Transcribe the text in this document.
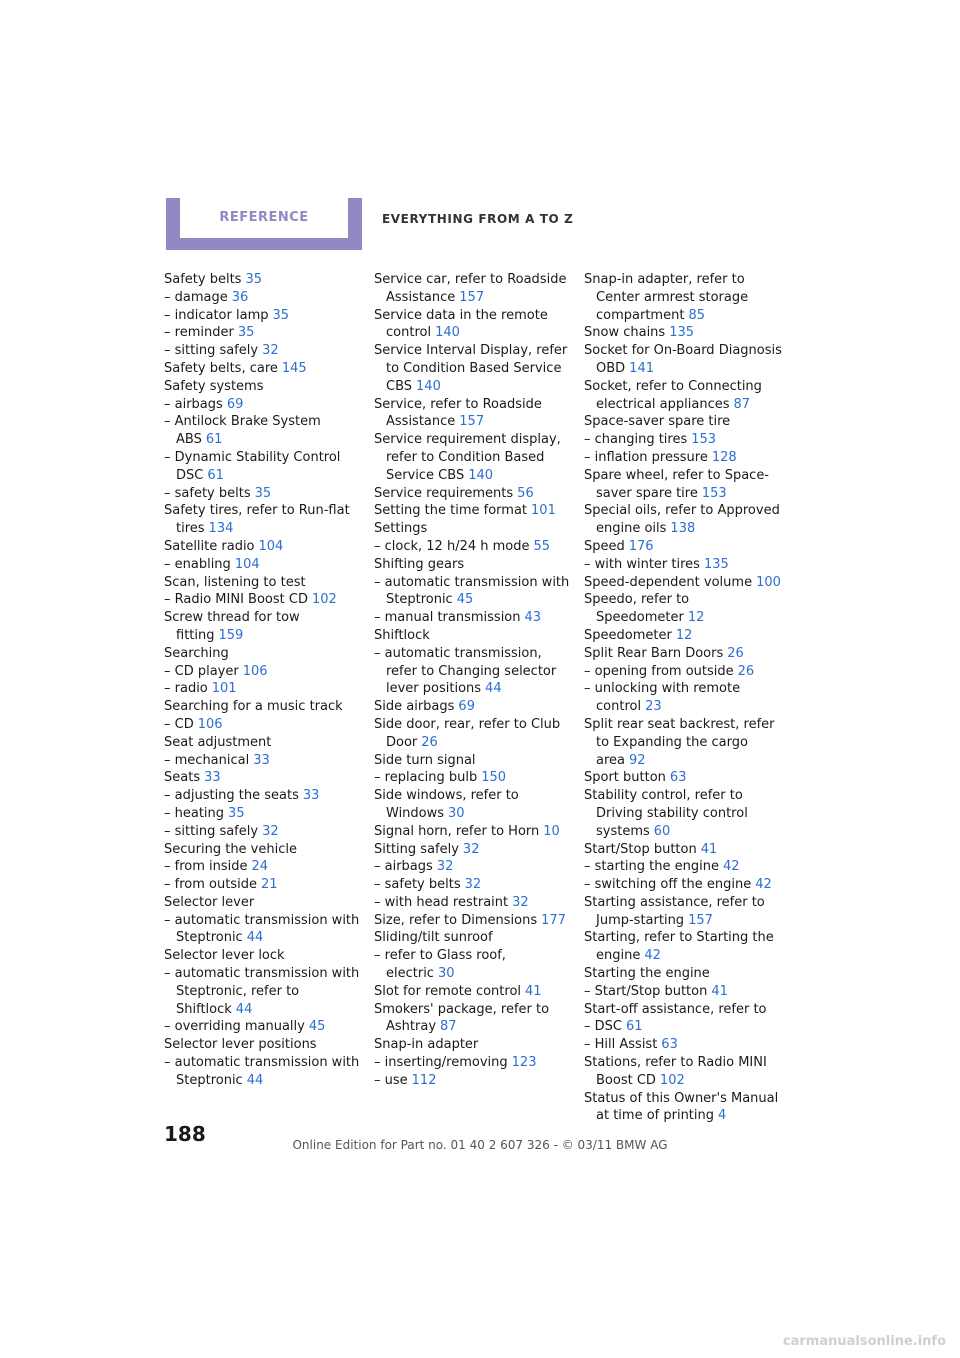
REFERENCE	EVERYTHING FROM A TO Z
Safety belts 35
– damage 36
– indicator lamp 35
– reminder 35
– sitting safely 32
Safety belts, care 145
Safety systems
– airbags 69
– Antilock Brake System ABS 61
– Dynamic Stability Control DSC 61
– safety belts 35
Safety tires, refer to Run-flat tires 134
Satellite radio 104
– enabling 104
Scan, listening to test
– Radio MINI Boost CD 102
Screw thread for tow fitting 159
Searching
– CD player 106
– radio 101
Searching for a music track
– CD 106
Seat adjustment
– mechanical 33
Seats 33
– adjusting the seats 33
– heating 35
– sitting safely 32
Securing the vehicle
– from inside 24
– from outside 21
Selector lever
– automatic transmission with Steptronic 44
Selector lever lock
– automatic transmission with Steptronic, refer to Shiftlock 44
– overriding manually 45
Selector lever positions
– automatic transmission with Steptronic 44
Service car, refer to Roadside Assistance 157
Service data in the remote control 140
Service Interval Display, refer to Condition Based Service CBS 140
Service, refer to Roadside Assistance 157
Service requirement display, refer to Condition Based Service CBS 140
Service requirements 56
Setting the time format 101
Settings
– clock, 12 h/24 h mode 55
Shifting gears
– automatic transmission with Steptronic 45
– manual transmission 43
Shiftlock
– automatic transmission, refer to Changing selector lever positions 44
Side airbags 69
Side door, rear, refer to Club Door 26
Side turn signal
– replacing bulb 150
Side windows, refer to Windows 30
Signal horn, refer to Horn 10
Sitting safely 32
– airbags 32
– safety belts 32
– with head restraint 32
Size, refer to Dimensions 177
Sliding/tilt sunroof
– refer to Glass roof, electric 30
Slot for remote control 41
Smokers' package, refer to Ashtray 87
Snap-in adapter
– inserting/removing 123
– use 112
Snap-in adapter, refer to Center armrest storage compartment 85
Snow chains 135
Socket for On-Board Diagnosis OBD 141
Socket, refer to Connecting electrical appliances 87
Space-saver spare tire
– changing tires 153
– inflation pressure 128
Spare wheel, refer to Space-saver spare tire 153
Special oils, refer to Approved engine oils 138
Speed 176
– with winter tires 135
Speed-dependent volume 100
Speedo, refer to Speedometer 12
Speedometer 12
Split Rear Barn Doors 26
– opening from outside 26
– unlocking with remote control 23
Split rear seat backrest, refer to Expanding the cargo area 92
Sport button 63
Stability control, refer to Driving stability control systems 60
Start/Stop button 41
– starting the engine 42
– switching off the engine 42
Starting assistance, refer to Jump-starting 157
Starting, refer to Starting the engine 42
Starting the engine
– Start/Stop button 41
Start-off assistance, refer to
– DSC 61
– Hill Assist 63
Stations, refer to Radio MINI Boost CD 102
Status of this Owner's Manual at time of printing 4
188	Online Edition for Part no. 01 40 2 607 326 - © 03/11 BMW AG
carmanualsonline.info
